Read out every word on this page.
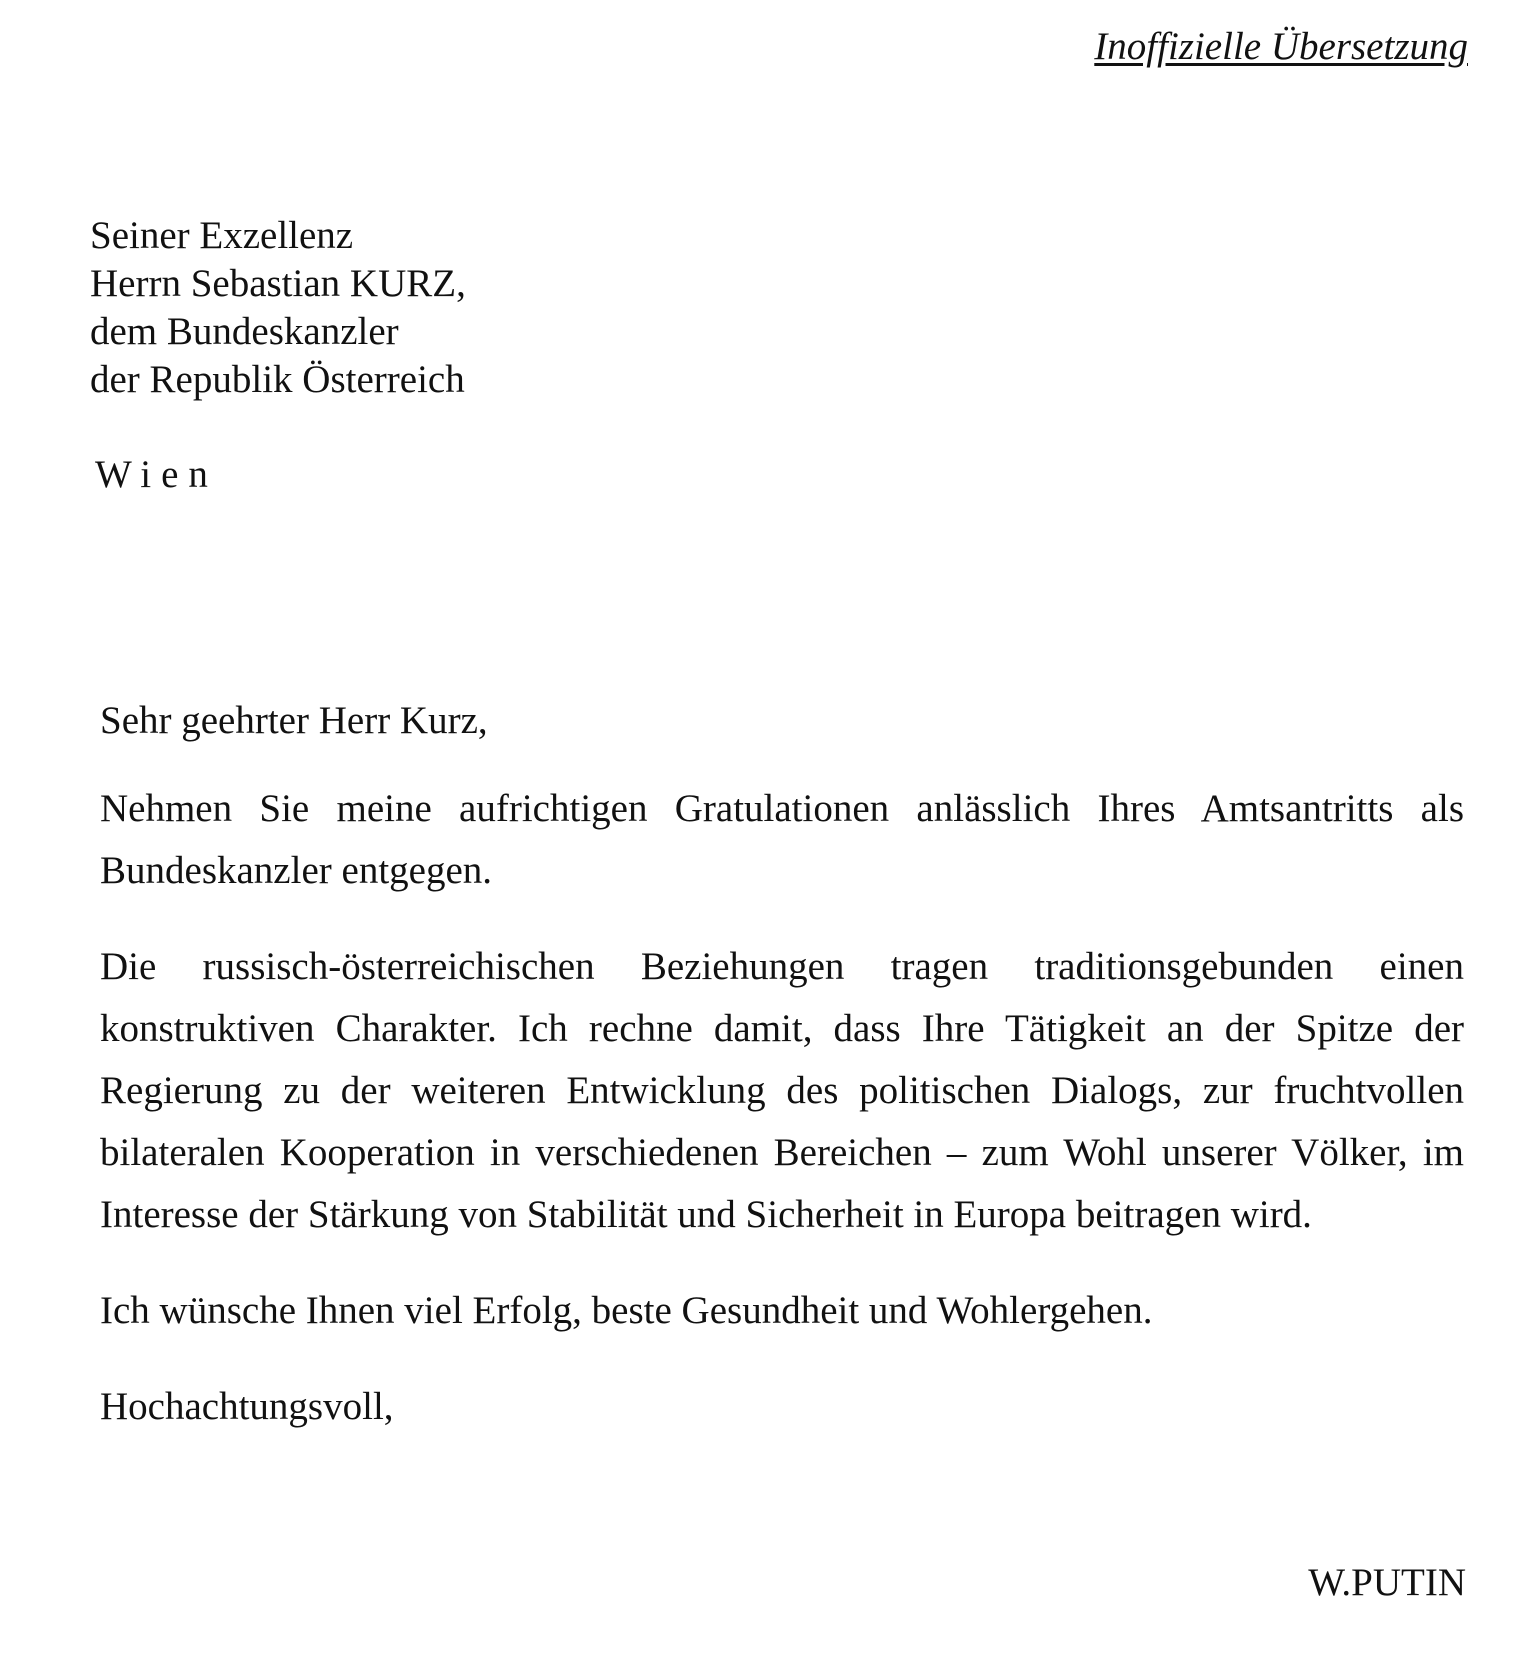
Inoffizielle Übersetzung
Seiner Exzellenz
Herrn Sebastian KURZ,
dem Bundeskanzler
der Republik Österreich
Wien

Sehr geehrter Herr Kurz,

Nehmen Sie meine aufrichtigen Gratulationen anlässlich Ihres Amtsantritts als Bundeskanzler entgegen.

Die russisch-österreichischen Beziehungen tragen traditionsgebunden einen konstruktiven Charakter. Ich rechne damit, dass Ihre Tätigkeit an der Spitze der Regierung zu der weiteren Entwicklung des politischen Dialogs, zur fruchtvollen bilateralen Kooperation in verschiedenen Bereichen – zum Wohl unserer Völker, im Interesse der Stärkung von Stabilität und Sicherheit in Europa beitragen wird.

Ich wünsche Ihnen viel Erfolg, beste Gesundheit und Wohlergehen.

Hochachtungsvoll,

W.PUTIN
